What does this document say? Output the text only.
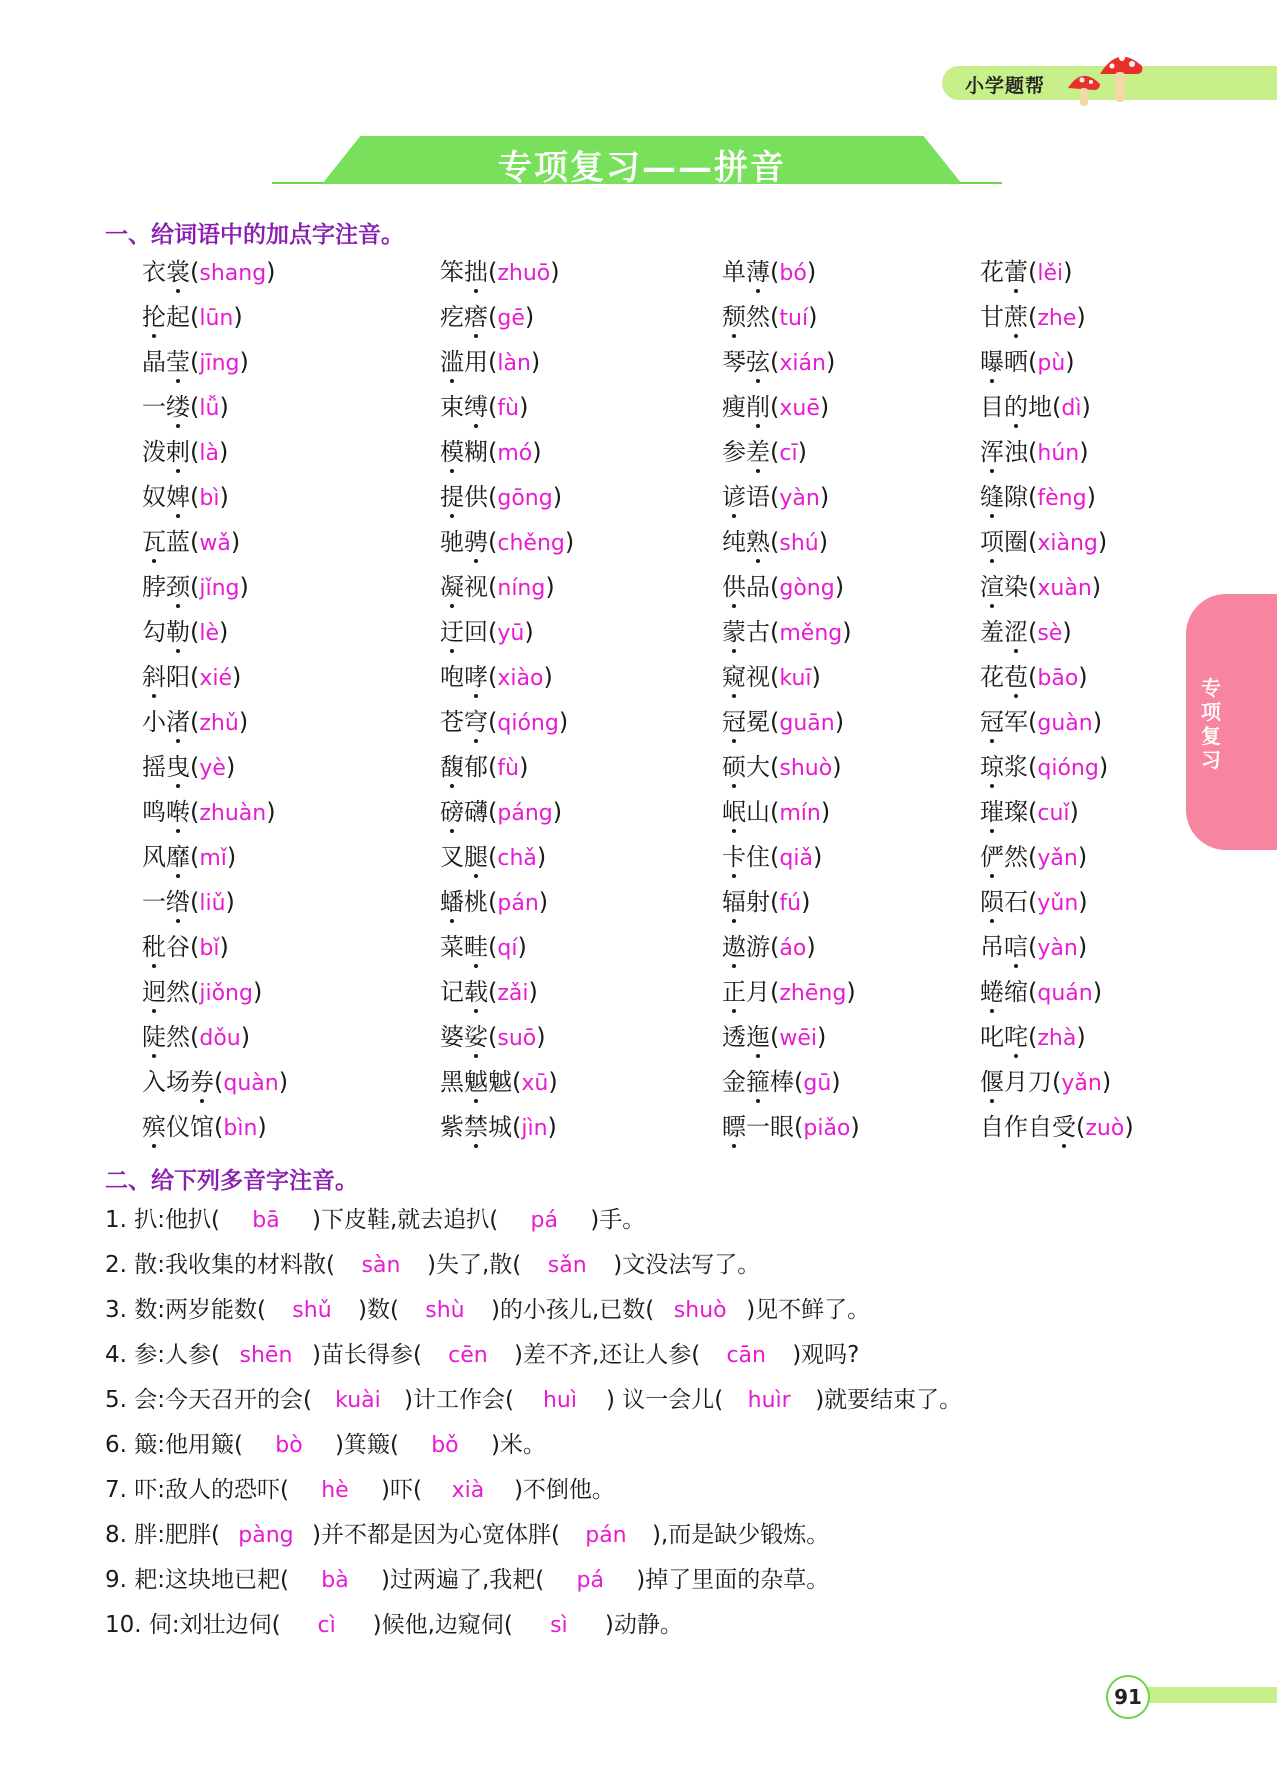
小学题帮
专项复习——拼音
专
项
复
习
一、给词语中的加点字注音。
衣裳(shang)
抡起(lūn)
晶莹(jīng)
一缕(lǚ)
泼剌(là)
奴婢(bì)
瓦蓝(wǎ)
脖颈(jǐng)
勾勒(lè)
斜阳(xié)
小渚(zhǔ)
摇曳(yè)
鸣啭(zhuàn)
风靡(mǐ)
一绺(liǔ)
秕谷(bǐ)
迥然(jiǒng)
陡然(dǒu)
入场券(quàn)
殡仪馆(bìn)
笨拙(zhuō)
疙瘩(gē)
滥用(làn)
束缚(fù)
模糊(mó)
提供(gōng)
驰骋(chěng)
凝视(níng)
迂回(yū)
咆哮(xiào)
苍穹(qióng)
馥郁(fù)
磅礴(páng)
叉腿(chǎ)
蟠桃(pán)
菜畦(qí)
记载(zǎi)
婆娑(suō)
黑魆魆(xū)
紫禁城(jìn)
单薄(bó)
颓然(tuí)
琴弦(xián)
瘦削(xuē)
参差(cī)
谚语(yàn)
纯熟(shú)
供品(gòng)
蒙古(měng)
窥视(kuī)
冠冕(guān)
硕大(shuò)
岷山(mín)
卡住(qiǎ)
辐射(fú)
遨游(áo)
正月(zhēng)
透迤(wēi)
金箍棒(gū)
瞟一眼(piǎo)
花蕾(lěi)
甘蔗(zhe)
曝晒(pù)
目的地(dì)
浑浊(hún)
缝隙(fèng)
项圈(xiàng)
渲染(xuàn)
羞涩(sè)
花苞(bāo)
冠军(guàn)
琼浆(qióng)
璀璨(cuǐ)
俨然(yǎn)
陨石(yǔn)
吊唁(yàn)
蜷缩(quán)
叱咤(zhà)
偃月刀(yǎn)
自作自受(zuò)
二、给下列多音字注音。
1. 扒:他扒( bā )下皮鞋,就去追扒( pá )手。
2. 散:我收集的材料散( sàn )失了,散( sǎn )文没法写了。
3. 数:两岁能数( shǔ )数( shù )的小孩儿,已数( shuò )见不鲜了。
4. 参:人参( shēn )苗长得参( cēn )差不齐,还让人参( cān )观吗?
5. 会:今天召开的会( kuài )计工作会( huì ) 议一会儿( huìr )就要结束了。
6. 簸:他用簸( bò )箕簸( bǒ )米。
7. 吓:敌人的恐吓( hè )吓( xià )不倒他。
8. 胖:肥胖( pàng )并不都是因为心宽体胖( pán ),而是缺少锻炼。
9. 耙:这块地已耙( bà )过两遍了,我耙( pá )掉了里面的杂草。
10. 伺:刘壮边伺( cì )候他,边窥伺( sì )动静。
91
